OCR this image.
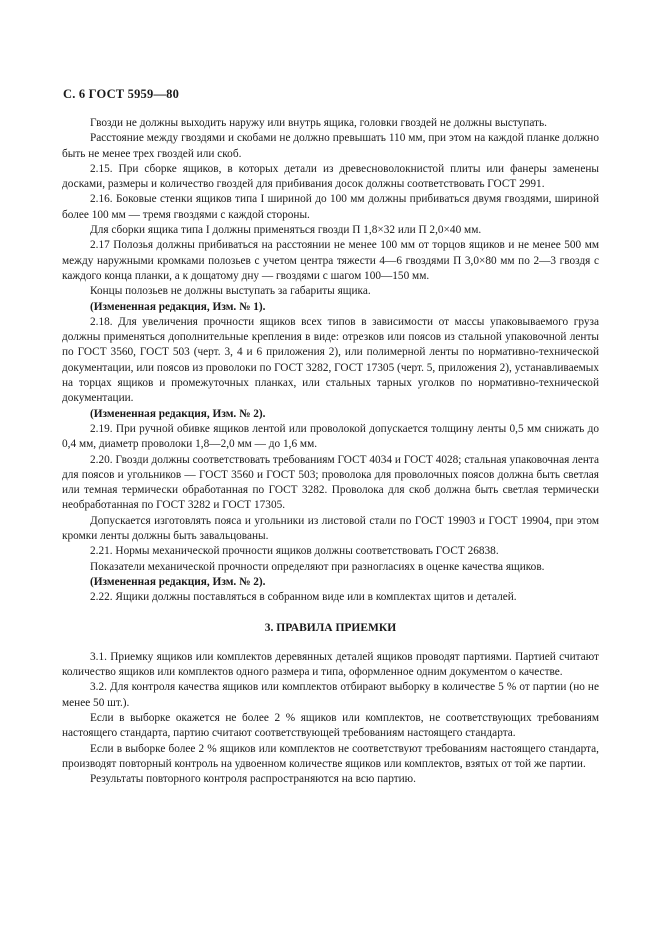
С. 6 ГОСТ 5959—80

Гвозди не должны выходить наружу или внутрь ящика, головки гвоздей не должны выступать.

Расстояние между гвоздями и скобами не должно превышать 110 мм, при этом на каждой планке должно быть не менее трех гвоздей или скоб.

2.15. При сборке ящиков, в которых детали из древесноволокнистой плиты или фанеры заменены досками, размеры и количество гвоздей для прибивания досок должны соответствовать ГОСТ 2991.

2.16. Боковые стенки ящиков типа I шириной до 100 мм должны прибиваться двумя гвоздями, шириной более 100 мм — тремя гвоздями с каждой стороны.

Для сборки ящика типа I должны применяться гвозди П 1,8×32 или П 2,0×40 мм.

2.17 Полозья должны прибиваться на расстоянии не менее 100 мм от торцов ящиков и не менее 500 мм между наружными кромками полозьев с учетом центра тяжести 4—6 гвоздями П 3,0×80 мм по 2—3 гвоздя с каждого конца планки, а к дощатому дну — гвоздями с шагом 100—150 мм.

Концы полозьев не должны выступать за габариты ящика.

(Измененная редакция, Изм. № 1).

2.18. Для увеличения прочности ящиков всех типов в зависимости от массы упаковываемого груза должны применяться дополнительные крепления в виде: отрезков или поясов из стальной упаковочной ленты по ГОСТ 3560, ГОСТ 503 (черт. 3, 4 и 6 приложения 2), или полимерной ленты по нормативно-технической документации, или поясов из проволоки по ГОСТ 3282, ГОСТ 17305 (черт. 5, приложения 2), устанавливаемых на торцах ящиков и промежуточных планках, или стальных тарных уголков по нормативно-технической документации.

(Измененная редакция, Изм. № 2).

2.19. При ручной обивке ящиков лентой или проволокой допускается толщину ленты 0,5 мм снижать до 0,4 мм, диаметр проволоки 1,8—2,0 мм — до 1,6 мм.

2.20. Гвозди должны соответствовать требованиям ГОСТ 4034 и ГОСТ 4028; стальная упаковочная лента для поясов и угольников — ГОСТ 3560 и ГОСТ 503; проволока для проволочных поясов должна быть светлая или темная термически обработанная по ГОСТ 3282. Проволока для скоб должна быть светлая термически необработанная по ГОСТ 3282 и ГОСТ 17305.

Допускается изготовлять пояса и угольники из листовой стали по ГОСТ 19903 и ГОСТ 19904, при этом кромки ленты должны быть завальцованы.

2.21. Нормы механической прочности ящиков должны соответствовать ГОСТ 26838.

Показатели механической прочности определяют при разногласиях в оценке качества ящиков.

(Измененная редакция, Изм. № 2).

2.22. Ящики должны поставляться в собранном виде или в комплектах щитов и деталей.

3. ПРАВИЛА ПРИЕМКИ

3.1. Приемку ящиков или комплектов деревянных деталей ящиков проводят партиями. Партией считают количество ящиков или комплектов одного размера и типа, оформленное одним документом о качестве.

3.2. Для контроля качества ящиков или комплектов отбирают выборку в количестве 5 % от партии (но не менее 50 шт.).

Если в выборке окажется не более 2 % ящиков или комплектов, не соответствующих требованиям настоящего стандарта, партию считают соответствующей требованиям настоящего стандарта.

Если в выборке более 2 % ящиков или комплектов не соответствуют требованиям настоящего стандарта, производят повторный контроль на удвоенном количестве ящиков или комплектов, взятых от той же партии.

Результаты повторного контроля распространяются на всю партию.
